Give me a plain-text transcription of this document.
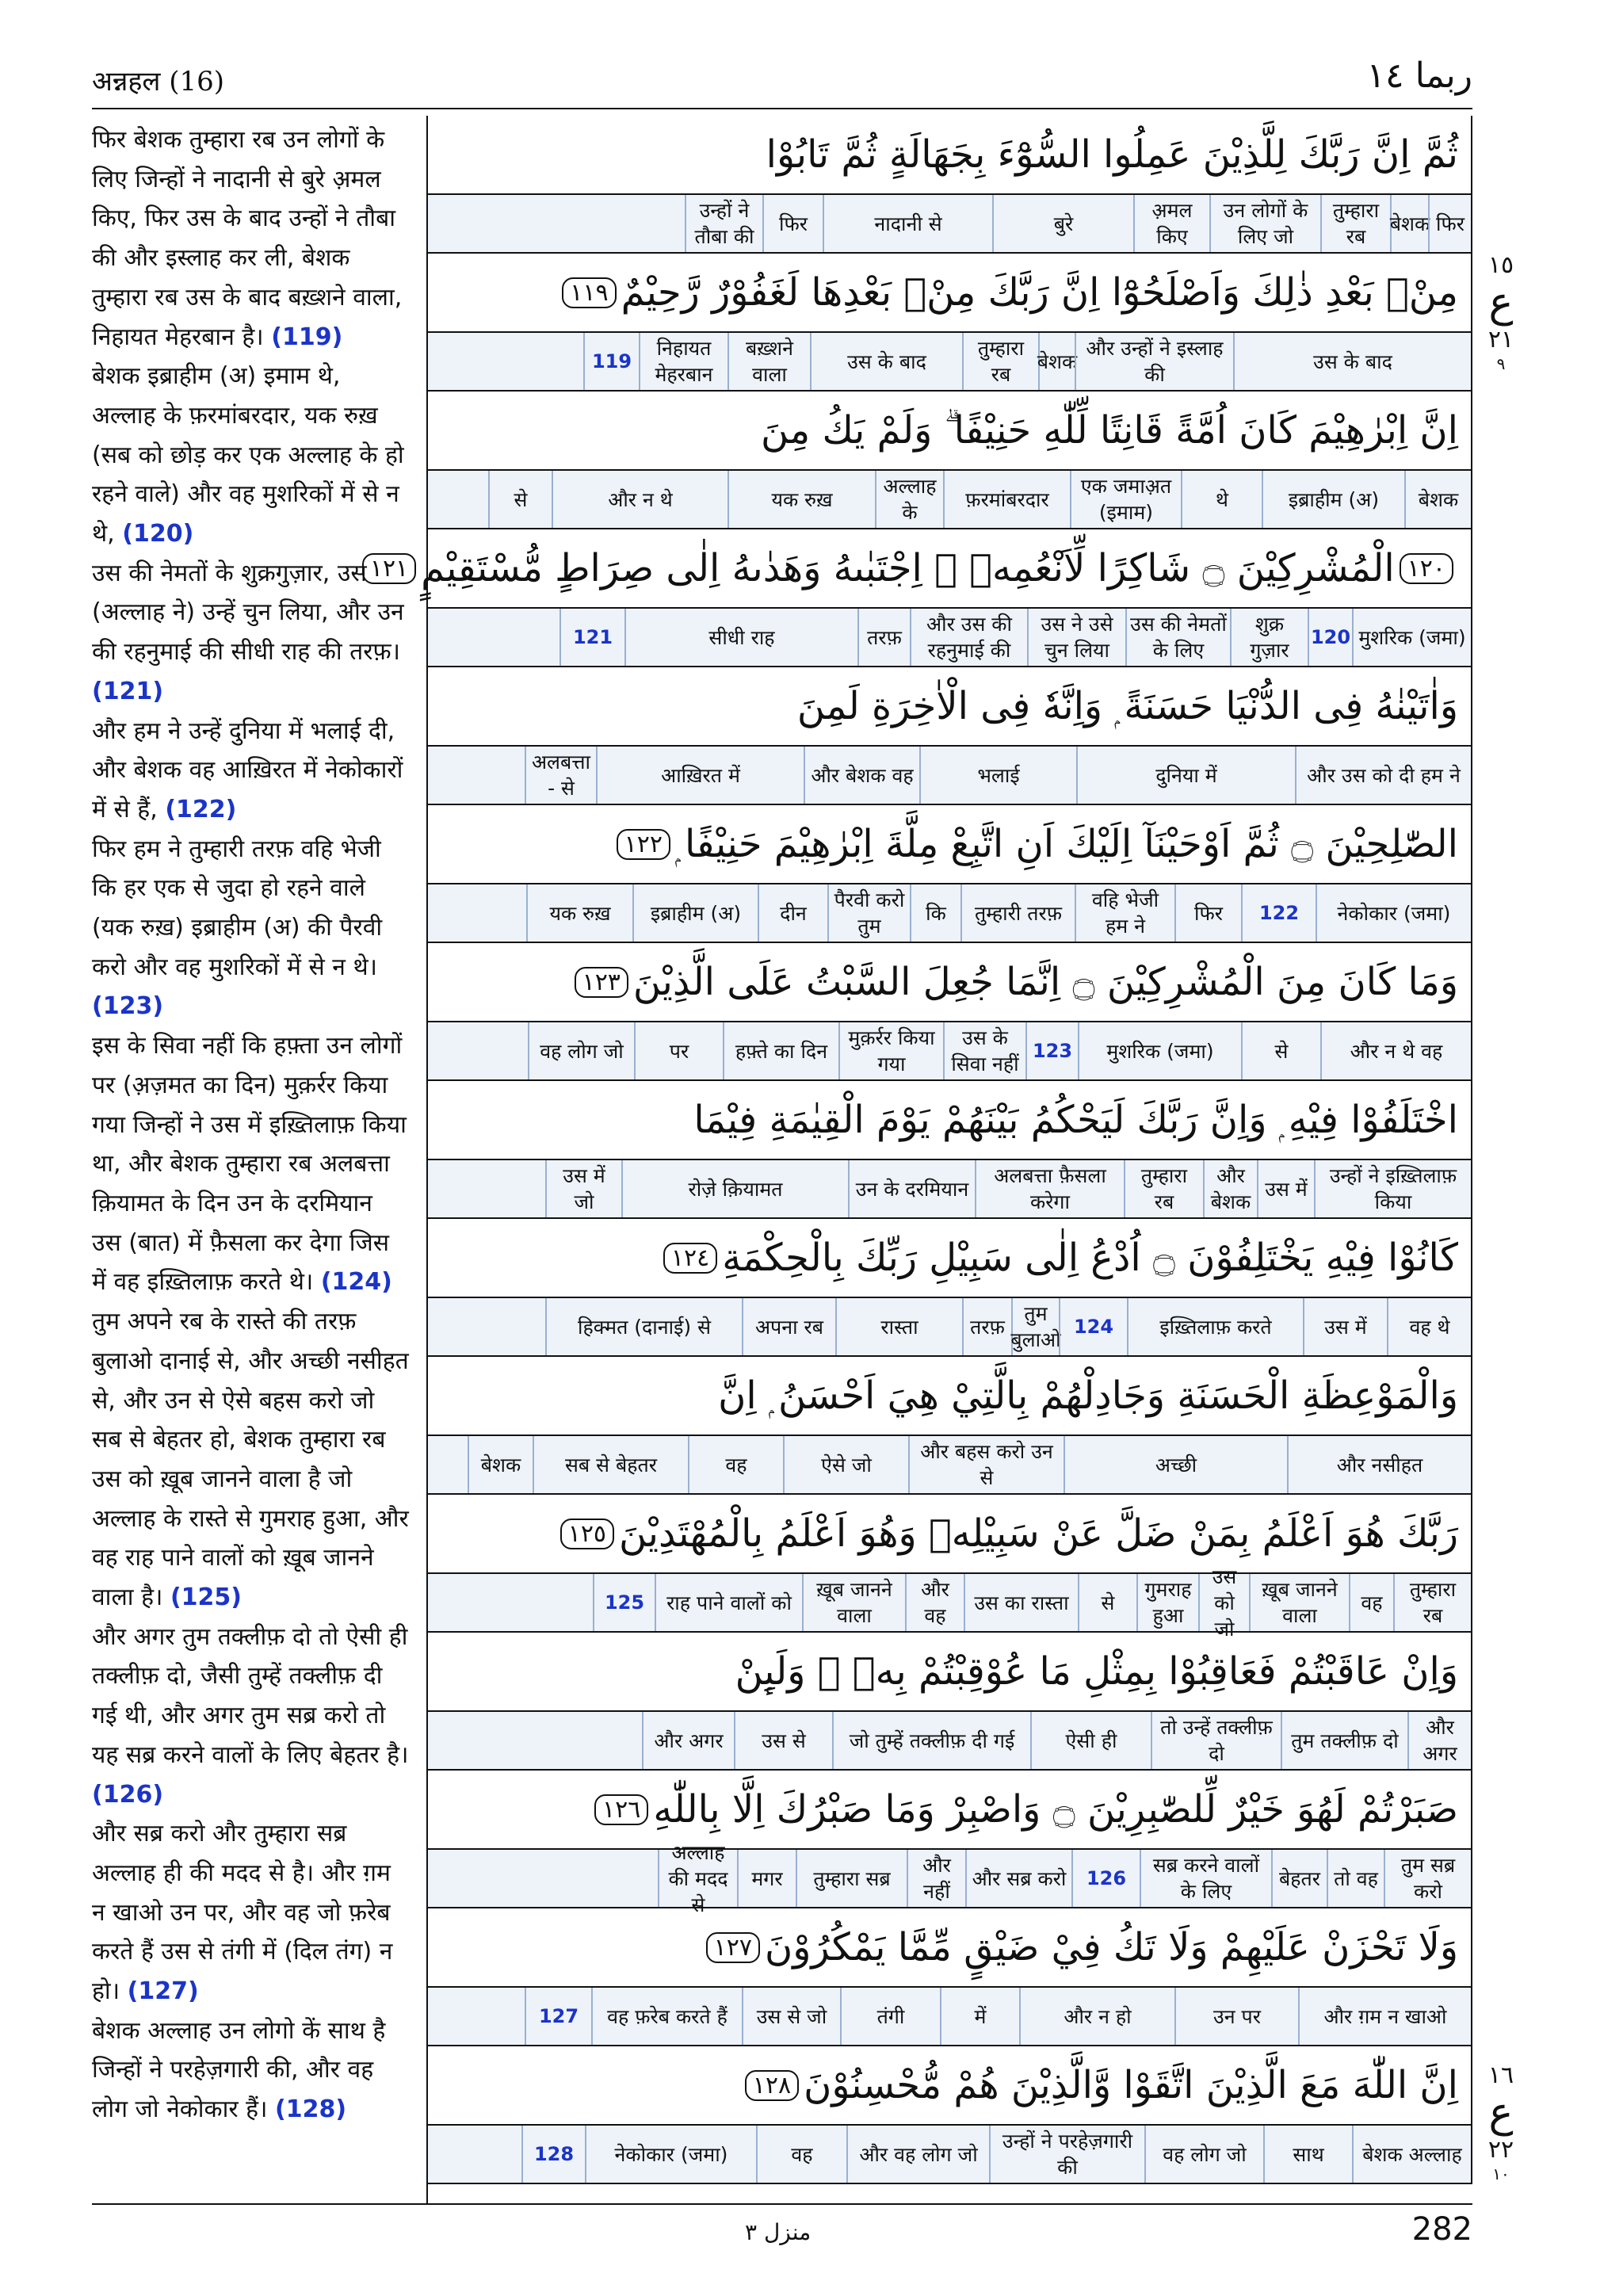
अन्नहल (16)	ربما ١٤

फिर बेशक तुम्हारा रब उन लोगों के लिए जिन्हों ने नादानी से बुरे अ़मल किए, फिर उस के बाद उन्हों ने तौबा की और इस्लाह कर ली, बेशक तुम्हारा रब उस के बाद बख़्शने वाला, निहायत मेहरबान है। (119)

बेशक इब्राहीम (अ) इमाम थे, अल्लाह के फ़रमांबरदार, यक रुख़ (सब को छोड़ कर एक अल्लाह के हो रहने वाले) और वह मुशरिकों में से न थे, (120)

उस की नेमतों के शुक्रगुज़ार, उस (अल्लाह ने) उन्हें चुन लिया, और उन की रहनुमाई की सीधी राह की तरफ़। (121)

और हम ने उन्हें दुनिया में भलाई दी, और बेशक वह आख़िरत में नेकोकारों में से हैं, (122)

फिर हम ने तुम्हारी तरफ़ वहि भेजी कि हर एक से जुदा हो रहने वाले (यक रुख़) इब्राहीम (अ) की पैरवी करो और वह मुशरिकों में से न थे। (123)

इस के सिवा नहीं कि हफ़्ता उन लोगों पर (अ़ज़मत का दिन) मुक़र्रर किया गया जिन्हों ने उस में इख़्तिलाफ़ किया था, और बेशक तुम्हारा रब अलबत्ता क़ियामत के दिन उन के दरमियान उस (बात) में फ़ैसला कर देगा जिस में वह इख़्तिलाफ़ करते थे। (124)

तुम अपने रब के रास्ते की तरफ़ बुलाओ दानाई से, और अच्छी नसीहत से, और उन से ऐसे बहस करो जो सब से बेहतर हो, बेशक तुम्हारा रब उस को ख़ूब जानने वाला है जो अल्लाह के रास्ते से गुमराह हुआ, और वह राह पाने वालों को ख़ूब जानने वाला है। (125)

और अगर तुम तक्लीफ़ दो तो ऐसी ही तक्लीफ़ दो, जैसी तुम्हें तक्लीफ़ दी गई थी, और अगर तुम सब्र करो तो यह सब्र करने वालों के लिए बेहतर है। (126)

और सब्र करो और तुम्हारा सब्र अल्लाह ही की मदद से है। और ग़म न खाओ उन पर, और वह जो फ़रेब करते हैं उस से तंगी में (दिल तंग) न हो। (127)

बेशक अल्लाह उन लोगो कें साथ है जिन्हों ने परहेज़गारी की, और वह लोग जो नेकोकार हैं। (128)

ثُمَّ اِنَّ رَبَّكَ لِلَّذِيْنَ عَمِلُوا السُّوْٓءَ بِجَهَالَةٍ ثُمَّ تَابُوْا
फिर
बेशक
तुम्हारा रब
उन लोगों के लिए जो
अ़मल किए
बुरे
नादानी से
फिर
उन्हों ने तौबा की
مِنْۢ بَعْدِ ذٰلِكَ وَاَصْلَحُوْٓا اِنَّ رَبَّكَ مِنْۢ بَعْدِهَا لَغَفُوْرٌ رَّحِيْمٌ
١١٩
उस के बाद
और उन्हों ने इस्लाह की
बेशक
तुम्हारा रब
उस के बाद
बख़्शने वाला
निहायत मेहरबान
119
اِنَّ اِبْرٰهِيْمَ كَانَ اُمَّةً قَانِتًا لِّلّٰهِ حَنِيْفًا ۗ وَلَمْ يَكُ مِنَ
बेशक
इब्राहीम (अ)
थे
एक जमाअ़त (इमाम)
फ़रमांबरदार
अल्लाह के
यक रुख़
और न थे
से
١٢٠
الْمُشْرِكِيْنَ ۝ شَاكِرًا لِّاَنْعُمِهٖ ۭ اِجْتَبٰىهُ وَهَدٰىهُ اِلٰى صِرَاطٍ مُّسْتَقِيْمٍ
١٢١
मुशरिक (जमा)
120
शुक्र गुज़ार
उस की नेमतों के लिए
उस ने उसे चुन लिया
और उस की रहनुमाई की
तरफ़
सीधी राह
121
وَاٰتَيْنٰهُ فِى الدُّنْيَا حَسَنَةً ۭ وَاِنَّهٗ فِى الْاٰخِرَةِ لَمِنَ
और उस को दी हम ने
दुनिया में
भलाई
और बेशक वह
आख़िरत में
अलबत्ता - से
الصّٰلِحِيْنَ ۝ ثُمَّ اَوْحَيْنَآ اِلَيْكَ اَنِ اتَّبِعْ مِلَّةَ اِبْرٰهِيْمَ حَنِيْفًا ۭ
١٢٢
नेकोकार (जमा)
122
फिर
वहि भेजी हम ने
तुम्हारी तरफ़
कि
पैरवी करो तुम
दीन
इब्राहीम (अ)
यक रुख़
وَمَا كَانَ مِنَ الْمُشْرِكِيْنَ ۝ اِنَّمَا جُعِلَ السَّبْتُ عَلَى الَّذِيْنَ
١٢٣
और न थे वह
से
मुशरिक (जमा)
123
उस के सिवा नहीं
मुक़र्रर किया गया
हफ़्ते का दिन
पर
वह लोग जो
اخْتَلَفُوْا فِيْهِ ۭ وَاِنَّ رَبَّكَ لَيَحْكُمُ بَيْنَهُمْ يَوْمَ الْقِيٰمَةِ فِيْمَا
उन्हों ने इख़्तिलाफ़ किया
उस में
और बेशक
तुम्हारा रब
अलबत्ता फ़ैसला करेगा
उन के दरमियान
रोज़े क़ियामत
उस में जो
كَانُوْا فِيْهِ يَخْتَلِفُوْنَ ۝ اُدْعُ اِلٰى سَبِيْلِ رَبِّكَ بِالْحِكْمَةِ
١٢٤
वह थे
उस में
इख़्तिलाफ़ करते
124
तुम बुलाओ
तरफ़
रास्ता
अपना रब
हिक्मत (दानाई) से
وَالْمَوْعِظَةِ الْحَسَنَةِ وَجَادِلْهُمْ بِالَّتِيْ هِيَ اَحْسَنُ ۭ اِنَّ
और नसीहत
अच्छी
और बहस करो उन से
ऐसे जो
वह
सब से बेहतर
बेशक
رَبَّكَ هُوَ اَعْلَمُ بِمَنْ ضَلَّ عَنْ سَبِيْلِهٖ وَهُوَ اَعْلَمُ بِالْمُهْتَدِيْنَ
١٢٥
तुम्हारा रब
वह
ख़ूब जानने वाला
उस को जो
गुमराह हुआ
से
उस का रास्ता
और वह
ख़ूब जानने वाला
राह पाने वालों को
125
وَاِنْ عَاقَبْتُمْ فَعَاقِبُوْا بِمِثْلِ مَا عُوْقِبْتُمْ بِهٖ ۭ وَلَىِٕنْ
और अगर
तुम तक्लीफ़ दो
तो उन्हें तक्लीफ़ दो
ऐसी ही
जो तुम्हें तक्लीफ़ दी गई
उस से
और अगर
صَبَرْتُمْ لَهُوَ خَيْرٌ لِّلصّٰبِرِيْنَ ۝ وَاصْبِرْ وَمَا صَبْرُكَ اِلَّا بِاللّٰهِ
١٢٦
तुम सब्र करो
तो वह
बेहतर
सब्र करने वालों के लिए
126
और सब्र करो
और नहीं
तुम्हारा सब्र
मगर
अल्लाह की मदद से
وَلَا تَحْزَنْ عَلَيْهِمْ وَلَا تَكُ فِيْ ضَيْقٍ مِّمَّا يَمْكُرُوْنَ
١٢٧
और ग़म न खाओ
उन पर
और न हो
में
तंगी
उस से जो
वह फ़रेब करते हैं
127
اِنَّ اللّٰهَ مَعَ الَّذِيْنَ اتَّقَوْا وَّالَّذِيْنَ هُمْ مُّحْسِنُوْنَ
١٢٨
बेशक अल्लाह
साथ
वह लोग जो
उन्हों ने परहेज़गारी की
और वह लोग जो
वह
नेकोकार (जमा)
128
١٥
ع
٢١
٩
١٦
ع
٢٢
١٠
منزل ٣	282
